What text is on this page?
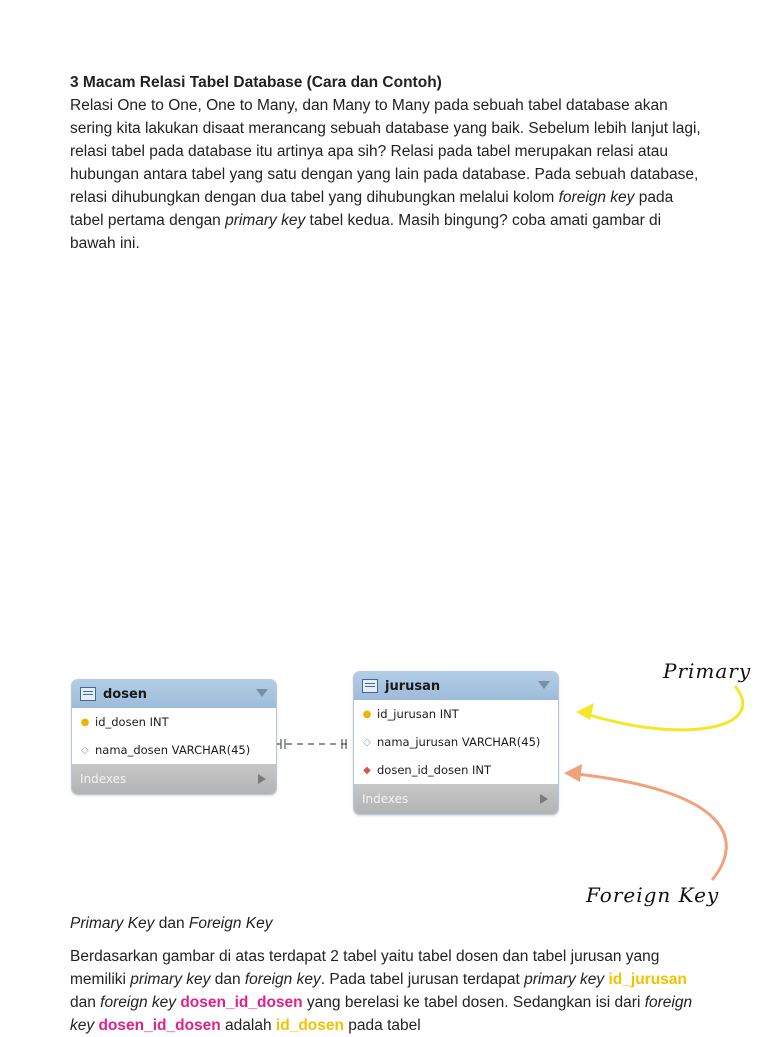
3 Macam Relasi Tabel Database (Cara dan Contoh)

Relasi One to One, One to Many, dan Many to Many pada sebuah tabel database akan sering kita lakukan disaat merancang sebuah database yang baik. Sebelum lebih lanjut lagi, relasi tabel pada database itu artinya apa sih? Relasi pada tabel merupakan relasi atau hubungan antara tabel yang satu dengan yang lain pada database. Pada sebuah database, relasi dihubungkan dengan dua tabel yang dihubungkan melalui kolom foreign key pada tabel pertama dengan primary key tabel kedua. Masih bingung? coba amati gambar di bawah ini.

dosen
● id_dosen INT
◇ nama_dosen VARCHAR(45)
Indexes
jurusan
● id_jurusan INT
◇ nama_jurusan VARCHAR(45)
◆ dosen_id_dosen INT
Indexes
Primary
Foreign Key

Primary Key dan Foreign Key

Berdasarkan gambar di atas terdapat 2 tabel yaitu tabel dosen dan tabel jurusan yang memiliki primary key dan foreign key. Pada tabel jurusan terdapat primary key id_jurusan dan foreign key dosen_id_dosen yang berelasi ke tabel dosen. Sedangkan isi dari foreign key dosen_id_dosen adalah id_dosen pada tabel
